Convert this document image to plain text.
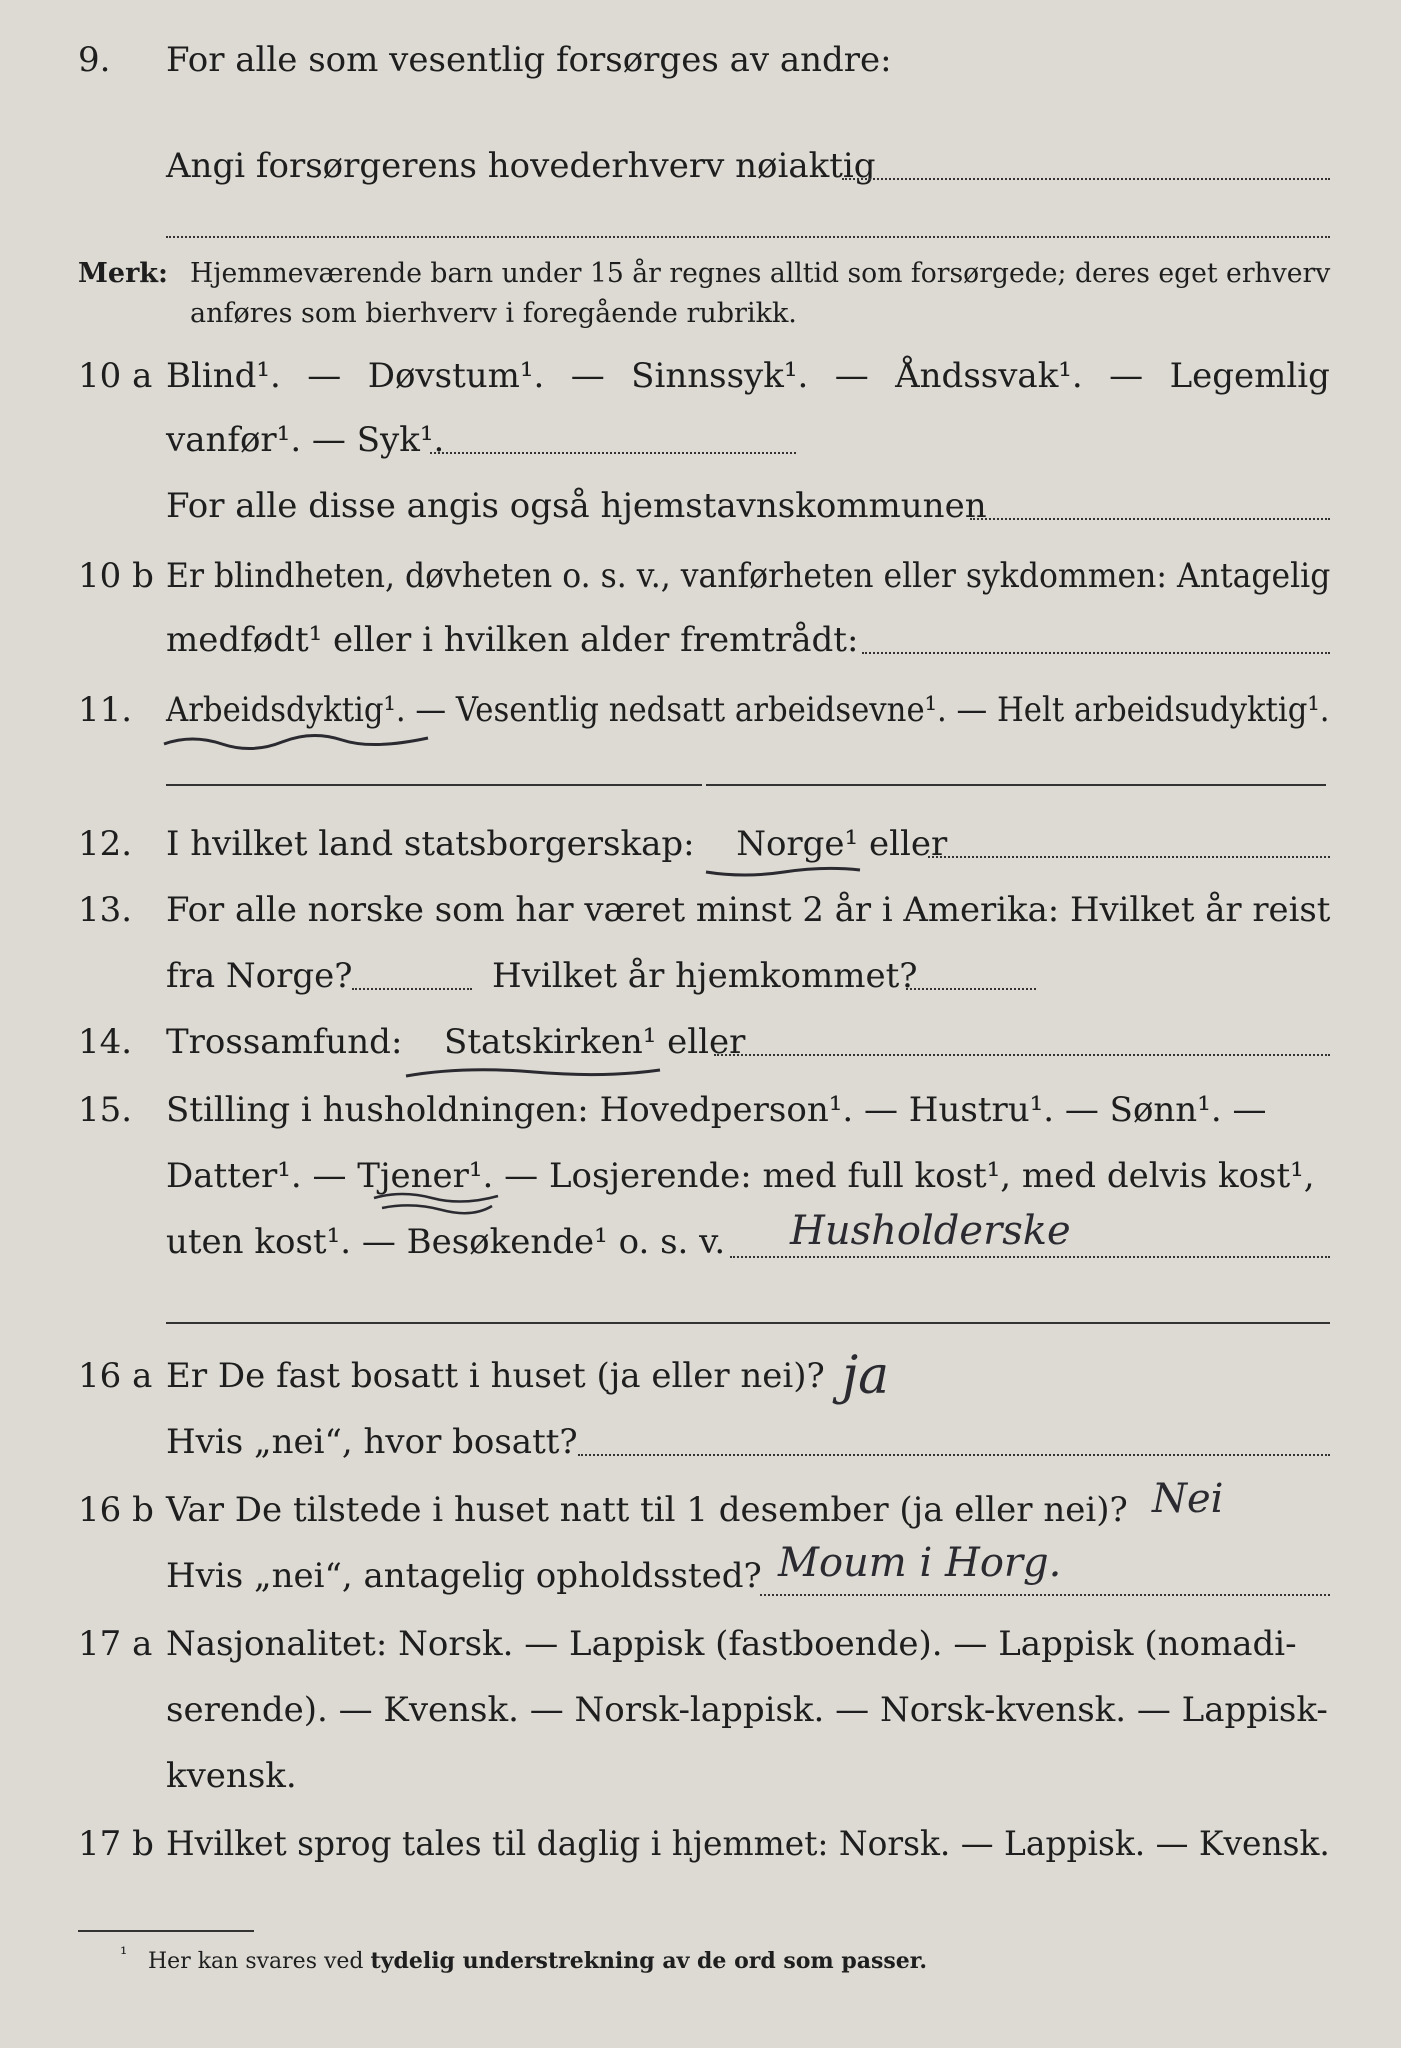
9. For alle som vesentlig forsørges av andre:
Angi forsørgerens hovederhverv nøiaktig
Merk: Hjemmeværende barn under 15 år regnes alltid som forsørgede; deres eget erhverv
anføres som bierhverv i foregående rubrikk.
10 a Blind¹. — Døvstum¹. — Sinnssyk¹. — Åndssvak¹. — Legemlig
vanfør¹. — Syk¹.
For alle disse angis også hjemstavnskommunen
10 b Er blindheten, døvheten o. s. v., vanførheten eller sykdommen: Antagelig
medfødt¹ eller i hvilken alder fremtrådt:
11. Arbeidsdyktig¹. — Vesentlig nedsatt arbeidsevne¹. — Helt arbeidsudyktig¹.
12. I hvilket land statsborgerskap: Norge¹ eller
13. For alle norske som har været minst 2 år i Amerika: Hvilket år reist
fra Norge?	Hvilket år hjemkommet?
14. Trossamfund: Statskirken¹ eller
15. Stilling i husholdningen: Hovedperson¹. — Hustru¹. — Sønn¹. —
Datter¹. — Tjener¹. — Losjerende: med full kost¹, med delvis kost¹,
uten kost¹. — Besøkende¹ o. s. v. Husholderske
16 a Er De fast bosatt i huset (ja eller nei)? ja
Hvis „nei“, hvor bosatt?
16 b Var De tilstede i huset natt til 1 desember (ja eller nei)? Nei
Hvis „nei“, antagelig opholdssted? Moum i Horg.
17 a Nasjonalitet: Norsk. — Lappisk (fastboende). — Lappisk (nomadi-
serende). — Kvensk. — Norsk-lappisk. — Norsk-kvensk. — Lappisk-
kvensk.
17 b Hvilket sprog tales til daglig i hjemmet: Norsk. — Lappisk. — Kvensk.
¹ Her kan svares ved tydelig understrekning av de ord som passer.
